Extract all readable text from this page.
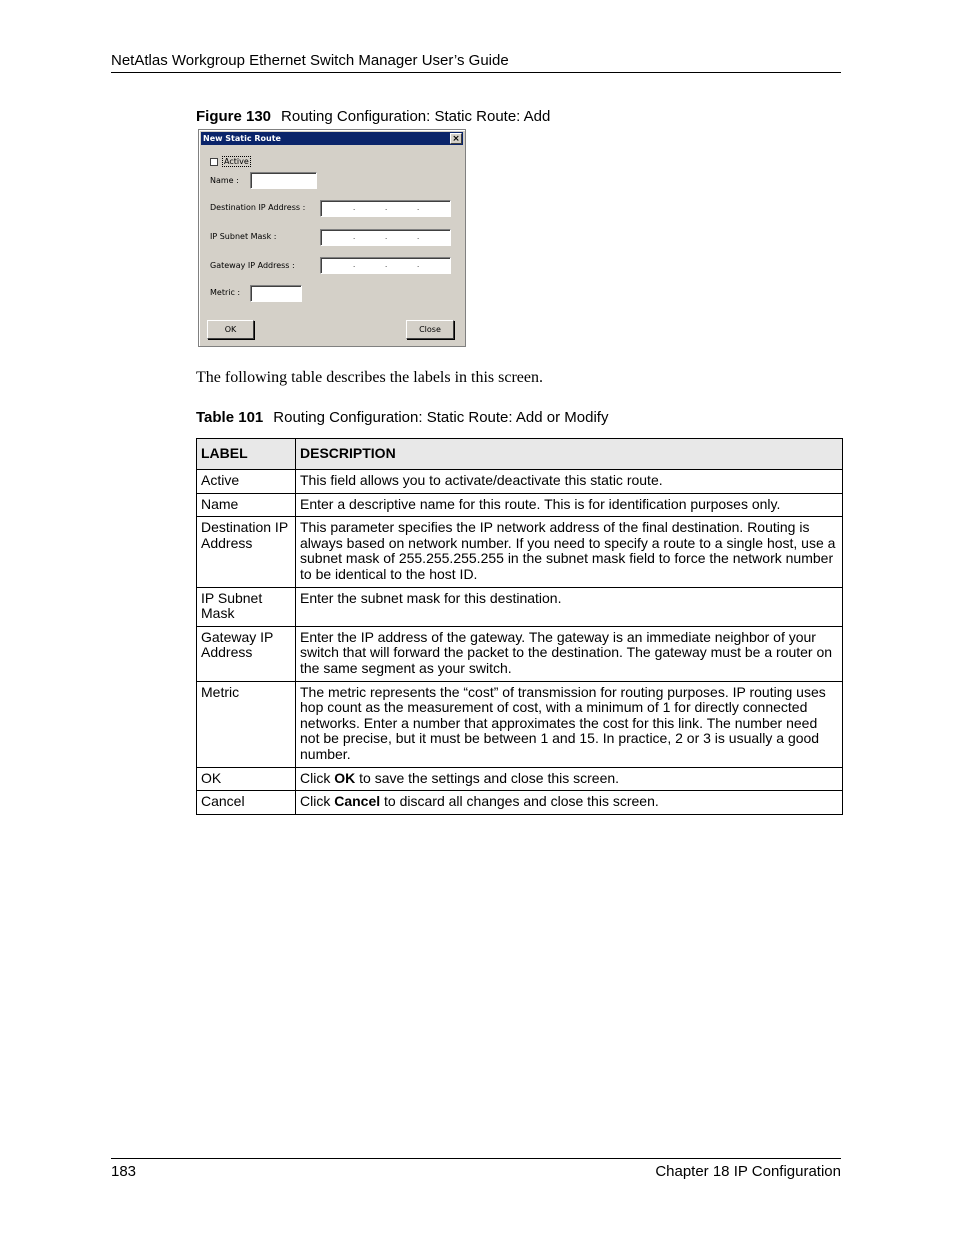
NetAtlas Workgroup Ethernet Switch Manager User’s Guide
Figure 130 Routing Configuration: Static Route: Add
New Static Route	×
Active
Name :
Destination IP Address :	.	.	.
IP Subnet Mask :	.	.	.
Gateway IP Address :	.	.	.
Metric :
OK	Close
The following table describes the labels in this screen.
Table 101 Routing Configuration: Static Route: Add or Modify
LABEL	DESCRIPTION
Active	This field allows you to activate/deactivate this static route.
Name	Enter a descriptive name for this route. This is for identification purposes only.
Destination IP Address	This parameter specifies the IP network address of the final destination. Routing is always based on network number. If you need to specify a route to a single host, use a subnet mask of 255.255.255.255 in the subnet mask field to force the network number to be identical to the host ID.
IP Subnet Mask	Enter the subnet mask for this destination.
Gateway IP Address	Enter the IP address of the gateway. The gateway is an immediate neighbor of your switch that will forward the packet to the destination. The gateway must be a router on the same segment as your switch.
Metric	The metric represents the “cost” of transmission for routing purposes. IP routing uses hop count as the measurement of cost, with a minimum of 1 for directly connected networks. Enter a number that approximates the cost for this link. The number need not be precise, but it must be between 1 and 15. In practice, 2 or 3 is usually a good number.
OK	Click OK to save the settings and close this screen.
Cancel	Click Cancel to discard all changes and close this screen.
183	Chapter 18 IP Configuration
